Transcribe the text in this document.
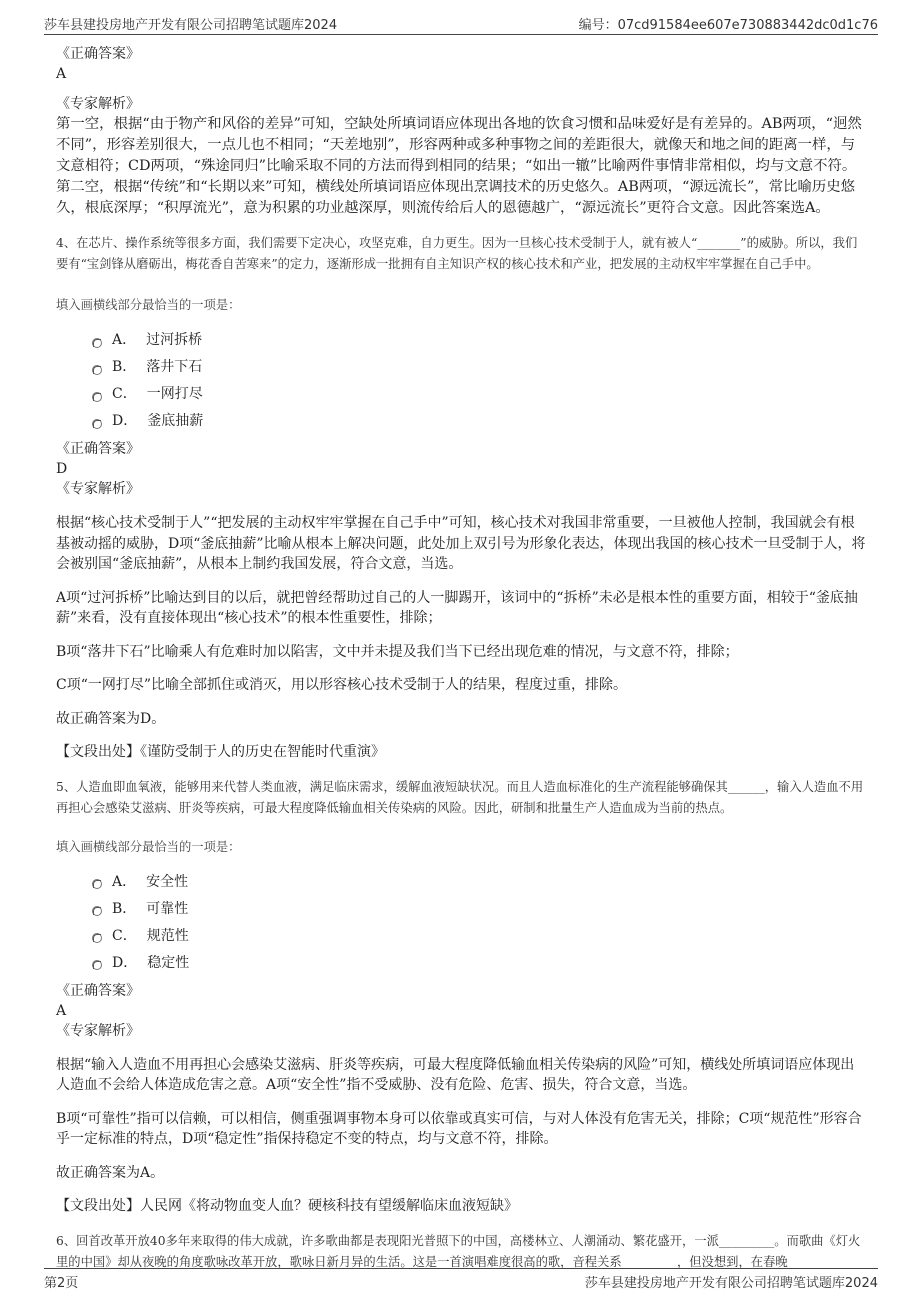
莎车县建投房地产开发有限公司招聘笔试题库2024	编号：07cd91584ee607e730883442dc0d1c76

《正确答案》

A

《专家解析》

第一空，根据“由于物产和风俗的差异”可知，空缺处所填词语应体现出各地的饮食习惯和品味爱好是有差异的。AB两项，“迥然不同”，形容差别很大，一点儿也不相同；“天差地别”，形容两种或多种事物之间的差距很大，就像天和地之间的距离一样，与文意相符；CD两项，“殊途同归”比喻采取不同的方法而得到相同的结果；“如出一辙”比喻两件事情非常相似，均与文意不符。第二空，根据“传统”和“长期以来”可知，横线处所填词语应体现出烹调技术的历史悠久。AB两项，“源远流长”，常比喻历史悠久，根底深厚；“积厚流光”，意为积累的功业越深厚，则流传给后人的恩德越广，“源远流长”更符合文意。因此答案选A。

4、在芯片、操作系统等很多方面，我们需要下定决心，攻坚克难，自力更生。因为一旦核心技术受制于人，就有被人“_______”的威胁。所以，我们要有“宝剑锋从磨砺出，梅花香自苦寒来”的定力，逐渐形成一批拥有自主知识产权的核心技术和产业，把发展的主动权牢牢掌握在自己手中。

填入画横线部分最恰当的一项是：

A． 过河拆桥
B． 落井下石
C． 一网打尽
D． 釜底抽薪

《正确答案》

D

《专家解析》

根据“核心技术受制于人”“把发展的主动权牢牢掌握在自己手中”可知，核心技术对我国非常重要，一旦被他人控制，我国就会有根基被动摇的威胁，D项“釜底抽薪”比喻从根本上解决问题，此处加上双引号为形象化表达，体现出我国的核心技术一旦受制于人，将会被别国“釜底抽薪”，从根本上制约我国发展，符合文意，当选。

A项“过河拆桥”比喻达到目的以后，就把曾经帮助过自己的人一脚踢开，该词中的“拆桥”未必是根本性的重要方面，相较于“釜底抽薪”来看，没有直接体现出“核心技术”的根本性重要性，排除；

B项“落井下石”比喻乘人有危难时加以陷害，文中并未提及我们当下已经出现危难的情况，与文意不符，排除；

C项“一网打尽”比喻全部抓住或消灭，用以形容核心技术受制于人的结果，程度过重，排除。

故正确答案为D。

【文段出处】《谨防受制于人的历史在智能时代重演》

5、人造血即血氧液，能够用来代替人类血液，满足临床需求，缓解血液短缺状况。而且人造血标准化的生产流程能够确保其______，输入人造血不用再担心会感染艾滋病、肝炎等疾病，可最大程度降低输血相关传染病的风险。因此，研制和批量生产人造血成为当前的热点。

填入画横线部分最恰当的一项是：

A． 安全性
B． 可靠性
C． 规范性
D． 稳定性

《正确答案》

A

《专家解析》

根据“输入人造血不用再担心会感染艾滋病、肝炎等疾病，可最大程度降低输血相关传染病的风险”可知，横线处所填词语应体现出人造血不会给人体造成危害之意。A项“安全性”指不受威胁、没有危险、危害、损失，符合文意，当选。

B项“可靠性”指可以信赖，可以相信，侧重强调事物本身可以依靠或真实可信，与对人体没有危害无关，排除；C项“规范性”形容合乎一定标准的特点，D项“稳定性”指保持稳定不变的特点，均与文意不符，排除。

故正确答案为A。

【文段出处】人民网《将动物血变人血？硬核科技有望缓解临床血液短缺》

6、回首改革开放40多年来取得的伟大成就，许多歌曲都是表现阳光普照下的中国，高楼林立、人潮涌动、繁花盛开，一派_________。而歌曲《灯火里的中国》却从夜晚的角度歌咏改革开放，歌咏日新月异的生活。这是一首演唱难度很高的歌，音程关系_________，但没想到，在春晚

第2页	莎车县建投房地产开发有限公司招聘笔试题库2024
